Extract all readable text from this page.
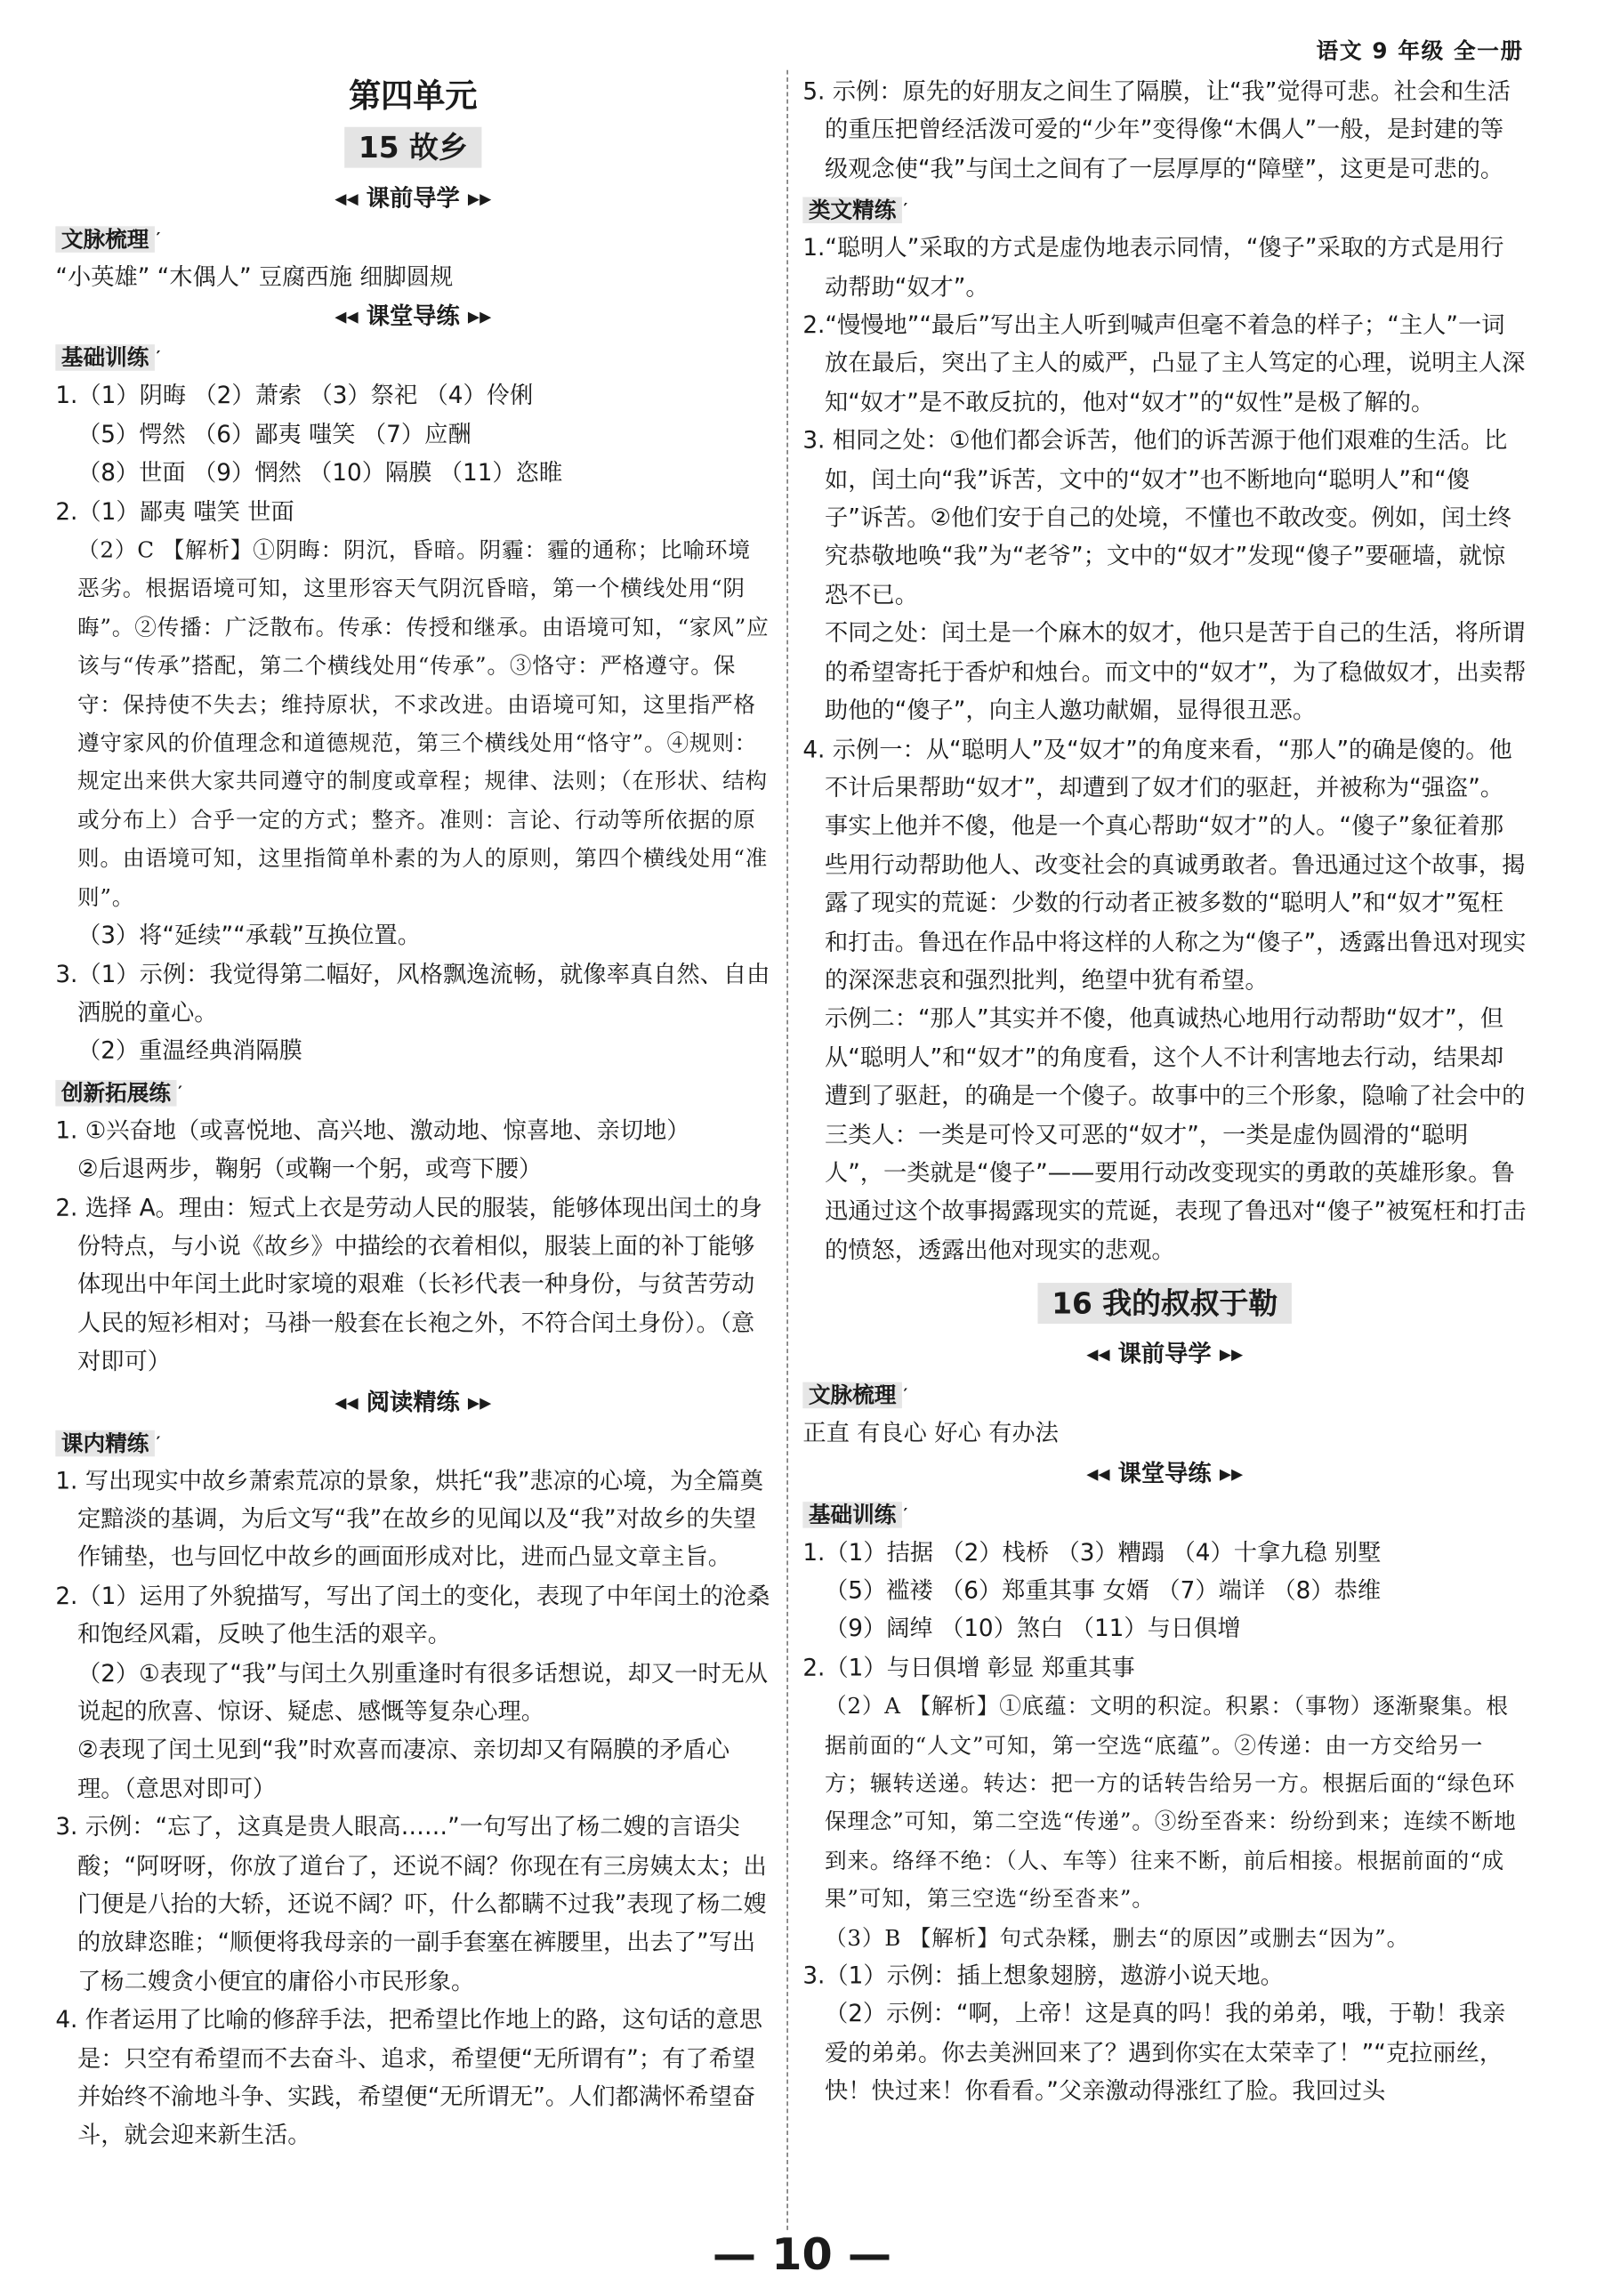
语文 9 年级 全一册
第四单元
15 故乡
◂◂ 课前导学 ▸▸
文脉梳理 ′
“小英雄” “木偶人” 豆腐西施 细脚圆规
◂◂ 课堂导练 ▸▸
基础训练 ′
1.（1）阴晦 （2）萧索 （3）祭祀 （4）伶俐
（5）愕然 （6）鄙夷 嗤笑 （7）应酬
（8）世面 （9）惘然 （10）隔膜 （11）恣睢
2.（1）鄙夷 嗤笑 世面
（2）C 【解析】①阴晦：阴沉，昏暗。阴霾：霾的通称；比喻环境恶劣。根据语境可知，这里形容天气阴沉昏暗，第一个横线处用“阴晦”。②传播：广泛散布。传承：传授和继承。由语境可知，“家风”应该与“传承”搭配，第二个横线处用“传承”。③恪守：严格遵守。保守：保持使不失去；维持原状，不求改进。由语境可知，这里指严格遵守家风的价值理念和道德规范，第三个横线处用“恪守”。④规则：规定出来供大家共同遵守的制度或章程；规律、法则；（在形状、结构或分布上）合乎一定的方式；整齐。准则：言论、行动等所依据的原则。由语境可知，这里指简单朴素的为人的原则，第四个横线处用“准则”。
（3）将“延续”“承载”互换位置。
3.（1）示例：我觉得第二幅好，风格飘逸流畅，就像率真自然、自由洒脱的童心。
（2）重温经典消隔膜
创新拓展练 ′
1. ①兴奋地（或喜悦地、高兴地、激动地、惊喜地、亲切地）
②后退两步，鞠躬（或鞠一个躬，或弯下腰）
2. 选择 A。理由：短式上衣是劳动人民的服装，能够体现出闰土的身份特点，与小说《故乡》中描绘的衣着相似，服装上面的补丁能够体现出中年闰土此时家境的艰难（长衫代表一种身份，与贫苦劳动人民的短衫相对；马褂一般套在长袍之外，不符合闰土身份）。（意对即可）
◂◂ 阅读精练 ▸▸
课内精练 ′
1. 写出现实中故乡萧索荒凉的景象，烘托“我”悲凉的心境，为全篇奠定黯淡的基调，为后文写“我”在故乡的见闻以及“我”对故乡的失望作铺垫，也与回忆中故乡的画面形成对比，进而凸显文章主旨。
2.（1）运用了外貌描写，写出了闰土的变化，表现了中年闰土的沧桑和饱经风霜，反映了他生活的艰辛。
（2）①表现了“我”与闰土久别重逢时有很多话想说，却又一时无从说起的欣喜、惊讶、疑虑、感慨等复杂心理。
②表现了闰土见到“我”时欢喜而凄凉、亲切却又有隔膜的矛盾心理。（意思对即可）
3. 示例：“忘了，这真是贵人眼高……”一句写出了杨二嫂的言语尖酸；“阿呀呀，你放了道台了，还说不阔？你现在有三房姨太太；出门便是八抬的大轿，还说不阔？吓，什么都瞒不过我”表现了杨二嫂的放肆恣睢；“顺便将我母亲的一副手套塞在裤腰里，出去了”写出了杨二嫂贪小便宜的庸俗小市民形象。
4. 作者运用了比喻的修辞手法，把希望比作地上的路，这句话的意思是：只空有希望而不去奋斗、追求，希望便“无所谓有”；有了希望并始终不渝地斗争、实践，希望便“无所谓无”。人们都满怀希望奋斗，就会迎来新生活。
5. 示例：原先的好朋友之间生了隔膜，让“我”觉得可悲。社会和生活的重压把曾经活泼可爱的“少年”变得像“木偶人”一般，是封建的等级观念使“我”与闰土之间有了一层厚厚的“障壁”，这更是可悲的。
类文精练 ′
1.“聪明人”采取的方式是虚伪地表示同情，“傻子”采取的方式是用行动帮助“奴才”。
2.“慢慢地”“最后”写出主人听到喊声但毫不着急的样子；“主人”一词放在最后，突出了主人的威严，凸显了主人笃定的心理，说明主人深知“奴才”是不敢反抗的，他对“奴才”的“奴性”是极了解的。
3. 相同之处：①他们都会诉苦，他们的诉苦源于他们艰难的生活。比如，闰土向“我”诉苦，文中的“奴才”也不断地向“聪明人”和“傻子”诉苦。②他们安于自己的处境，不懂也不敢改变。例如，闰土终究恭敬地唤“我”为“老爷”；文中的“奴才”发现“傻子”要砸墙，就惊恐不已。
不同之处：闰土是一个麻木的奴才，他只是苦于自己的生活，将所谓的希望寄托于香炉和烛台。而文中的“奴才”，为了稳做奴才，出卖帮助他的“傻子”，向主人邀功献媚，显得很丑恶。
4. 示例一：从“聪明人”及“奴才”的角度来看，“那人”的确是傻的。他不计后果帮助“奴才”，却遭到了奴才们的驱赶，并被称为“强盗”。事实上他并不傻，他是一个真心帮助“奴才”的人。“傻子”象征着那些用行动帮助他人、改变社会的真诚勇敢者。鲁迅通过这个故事，揭露了现实的荒诞：少数的行动者正被多数的“聪明人”和“奴才”冤枉和打击。鲁迅在作品中将这样的人称之为“傻子”，透露出鲁迅对现实的深深悲哀和强烈批判，绝望中犹有希望。
示例二：“那人”其实并不傻，他真诚热心地用行动帮助“奴才”，但从“聪明人”和“奴才”的角度看，这个人不计利害地去行动，结果却遭到了驱赶，的确是一个傻子。故事中的三个形象，隐喻了社会中的三类人：一类是可怜又可恶的“奴才”，一类是虚伪圆滑的“聪明人”，一类就是“傻子”——要用行动改变现实的勇敢的英雄形象。鲁迅通过这个故事揭露现实的荒诞，表现了鲁迅对“傻子”被冤枉和打击的愤怒，透露出他对现实的悲观。
16 我的叔叔于勒
◂◂ 课前导学 ▸▸
文脉梳理 ′
正直 有良心 好心 有办法
◂◂ 课堂导练 ▸▸
基础训练 ′
1.（1）拮据 （2）栈桥 （3）糟蹋 （4）十拿九稳 别墅
（5）褴褛 （6）郑重其事 女婿 （7）端详 （8）恭维
（9）阔绰 （10）煞白 （11）与日俱增
2.（1）与日俱增 彰显 郑重其事
（2）A 【解析】①底蕴：文明的积淀。积累：（事物）逐渐聚集。根据前面的“人文”可知，第一空选“底蕴”。②传递：由一方交给另一方；辗转送递。转达：把一方的话转告给另一方。根据后面的“绿色环保理念”可知，第二空选“传递”。③纷至沓来：纷纷到来；连续不断地到来。络绎不绝：（人、车等）往来不断，前后相接。根据前面的“成果”可知，第三空选“纷至沓来”。
（3）B 【解析】句式杂糅，删去“的原因”或删去“因为”。
3.（1）示例：插上想象翅膀，遨游小说天地。
（2）示例：“啊，上帝！这是真的吗！我的弟弟，哦，于勒！我亲爱的弟弟。你去美洲回来了？遇到你实在太荣幸了！”“克拉丽丝，快！快过来！你看看。”父亲激动得涨红了脸。我回过头
— 10 —
